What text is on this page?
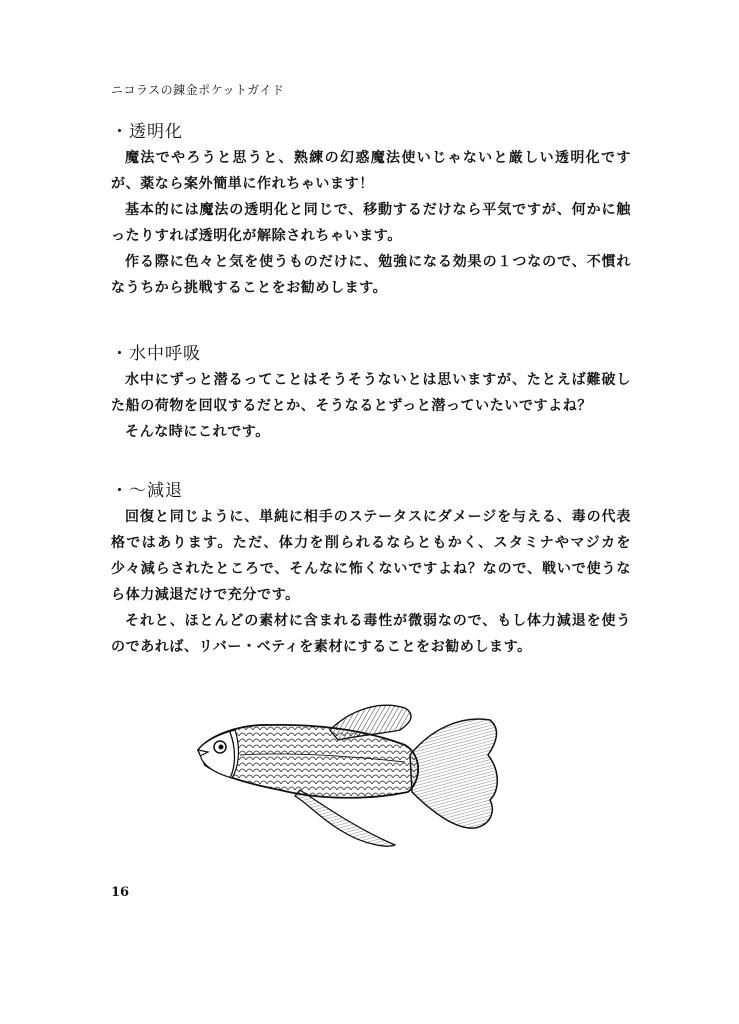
ニコラスの錬金ポケットガイド
・透明化

魔法でやろうと思うと、熟練の幻惑魔法使いじゃないと厳しい透明化ですが、薬なら案外簡単に作れちゃいます！

基本的には魔法の透明化と同じで、移動するだけなら平気ですが、何かに触ったりすれば透明化が解除されちゃいます。

作る際に色々と気を使うものだけに、勉強になる効果の１つなので、不慣れなうちから挑戦することをお勧めします。

・水中呼吸

水中にずっと潜るってことはそうそうないとは思いますが、たとえば難破した船の荷物を回収するだとか、そうなるとずっと潜っていたいですよね？

そんな時にこれです。

・〜減退

回復と同じように、単純に相手のステータスにダメージを与える、毒の代表格ではあります。ただ、体力を削られるならともかく、スタミナやマジカを少々減らされたところで、そんなに怖くないですよね？なので、戦いで使うなら体力減退だけで充分です。

それと、ほとんどの素材に含まれる毒性が微弱なので、もし体力減退を使うのであれば、リバー・ベティを素材にすることをお勧めします。

16
